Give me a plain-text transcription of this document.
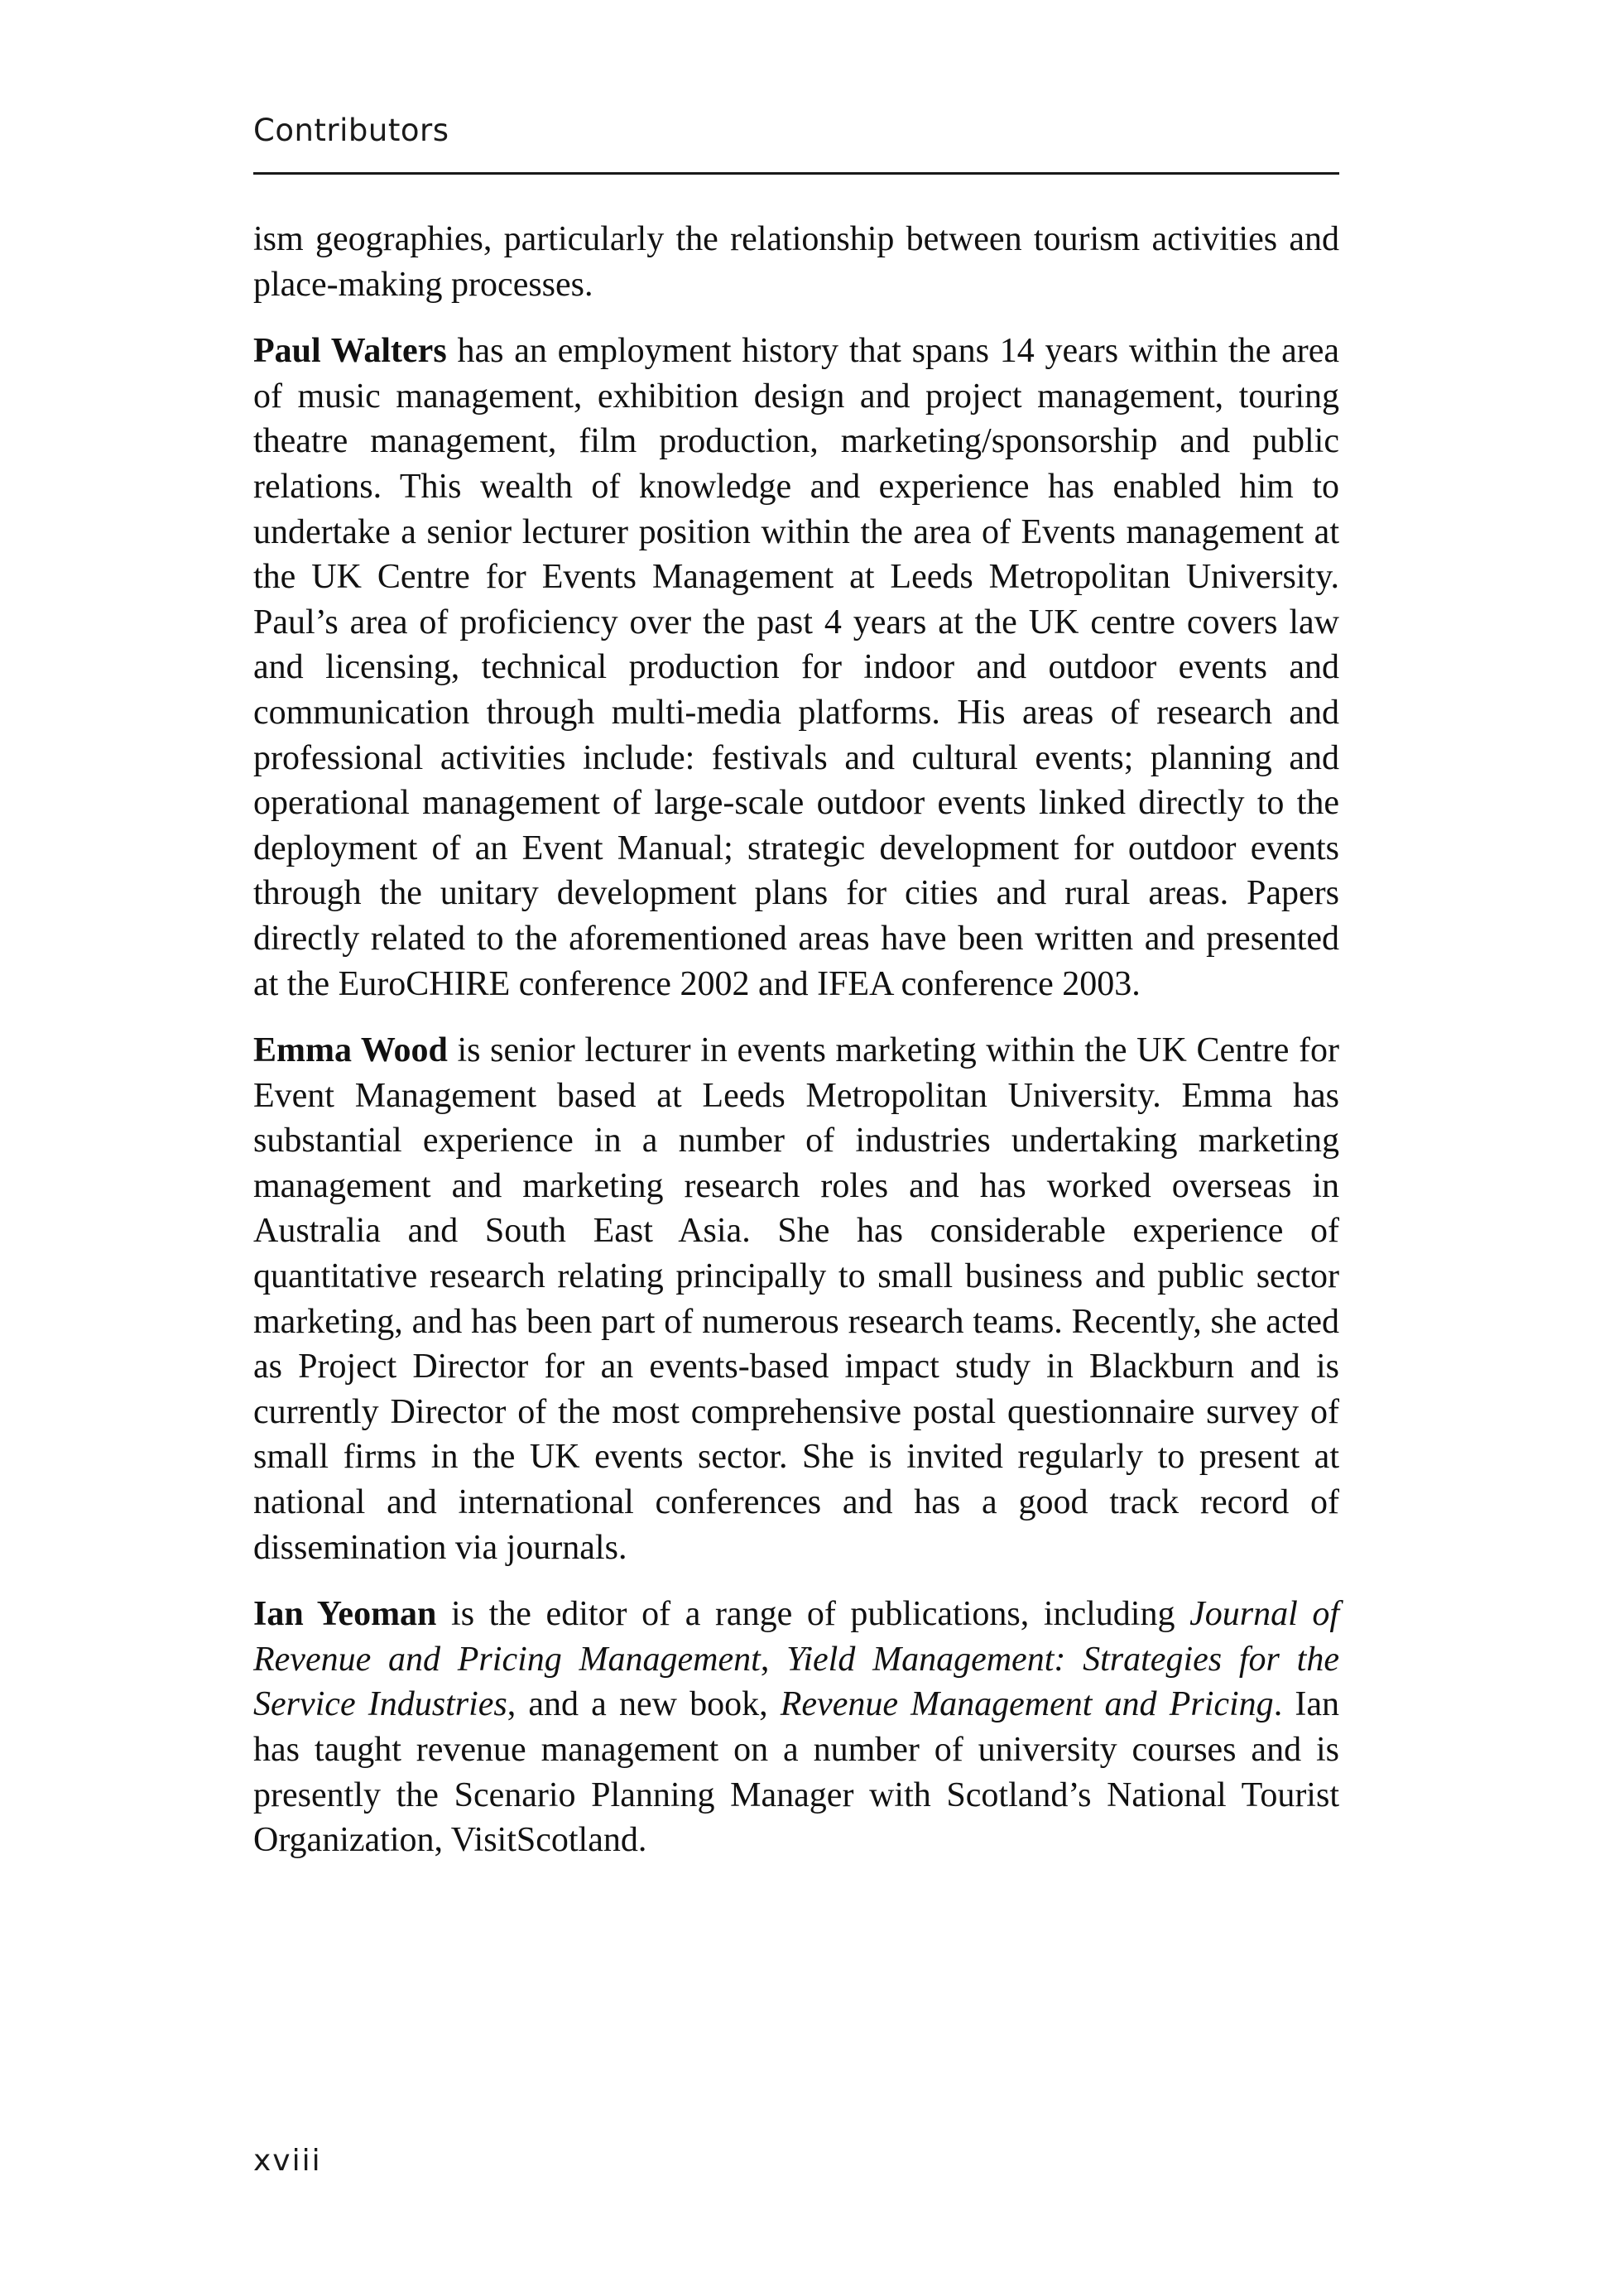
Contributors

ism geographies, particularly the relationship between tourism activities and place-making processes.

Paul Walters has an employment history that spans 14 years within the area of music management, exhibition design and project management, touring theatre management, film production, marketing/sponsorship and public relations. This wealth of knowledge and experience has enabled him to undertake a senior lecturer position within the area of Events management at the UK Centre for Events Management at Leeds Metropolitan University. Paul’s area of proficiency over the past 4 years at the UK centre covers law and licensing, technical production for indoor and outdoor events and communication through multi-media platforms. His areas of research and professional activities include: festivals and cultural events; planning and operational management of large-scale outdoor events linked directly to the deployment of an Event Manual; strategic development for outdoor events through the unitary development plans for cities and rural areas. Papers directly related to the aforementioned areas have been written and presented at the EuroCHIRE conference 2002 and IFEA conference 2003.

Emma Wood is senior lecturer in events marketing within the UK Centre for Event Management based at Leeds Metropolitan University. Emma has substantial experience in a number of industries undertaking marketing management and marketing research roles and has worked overseas in Australia and South East Asia. She has considerable experience of quantitative research relating principally to small business and public sector marketing, and has been part of numerous research teams. Recently, she acted as Project Director for an events-based impact study in Blackburn and is currently Director of the most comprehensive postal questionnaire survey of small firms in the UK events sector. She is invited regularly to present at national and international conferences and has a good track record of dissemination via journals.

Ian Yeoman is the editor of a range of publications, including Journal of Revenue and Pricing Management, Yield Management: Strategies for the Service Industries, and a new book, Revenue Management and Pricing. Ian has taught revenue management on a number of university courses and is presently the Scenario Planning Manager with Scotland’s National Tourist Organization, VisitScotland.

xviii
